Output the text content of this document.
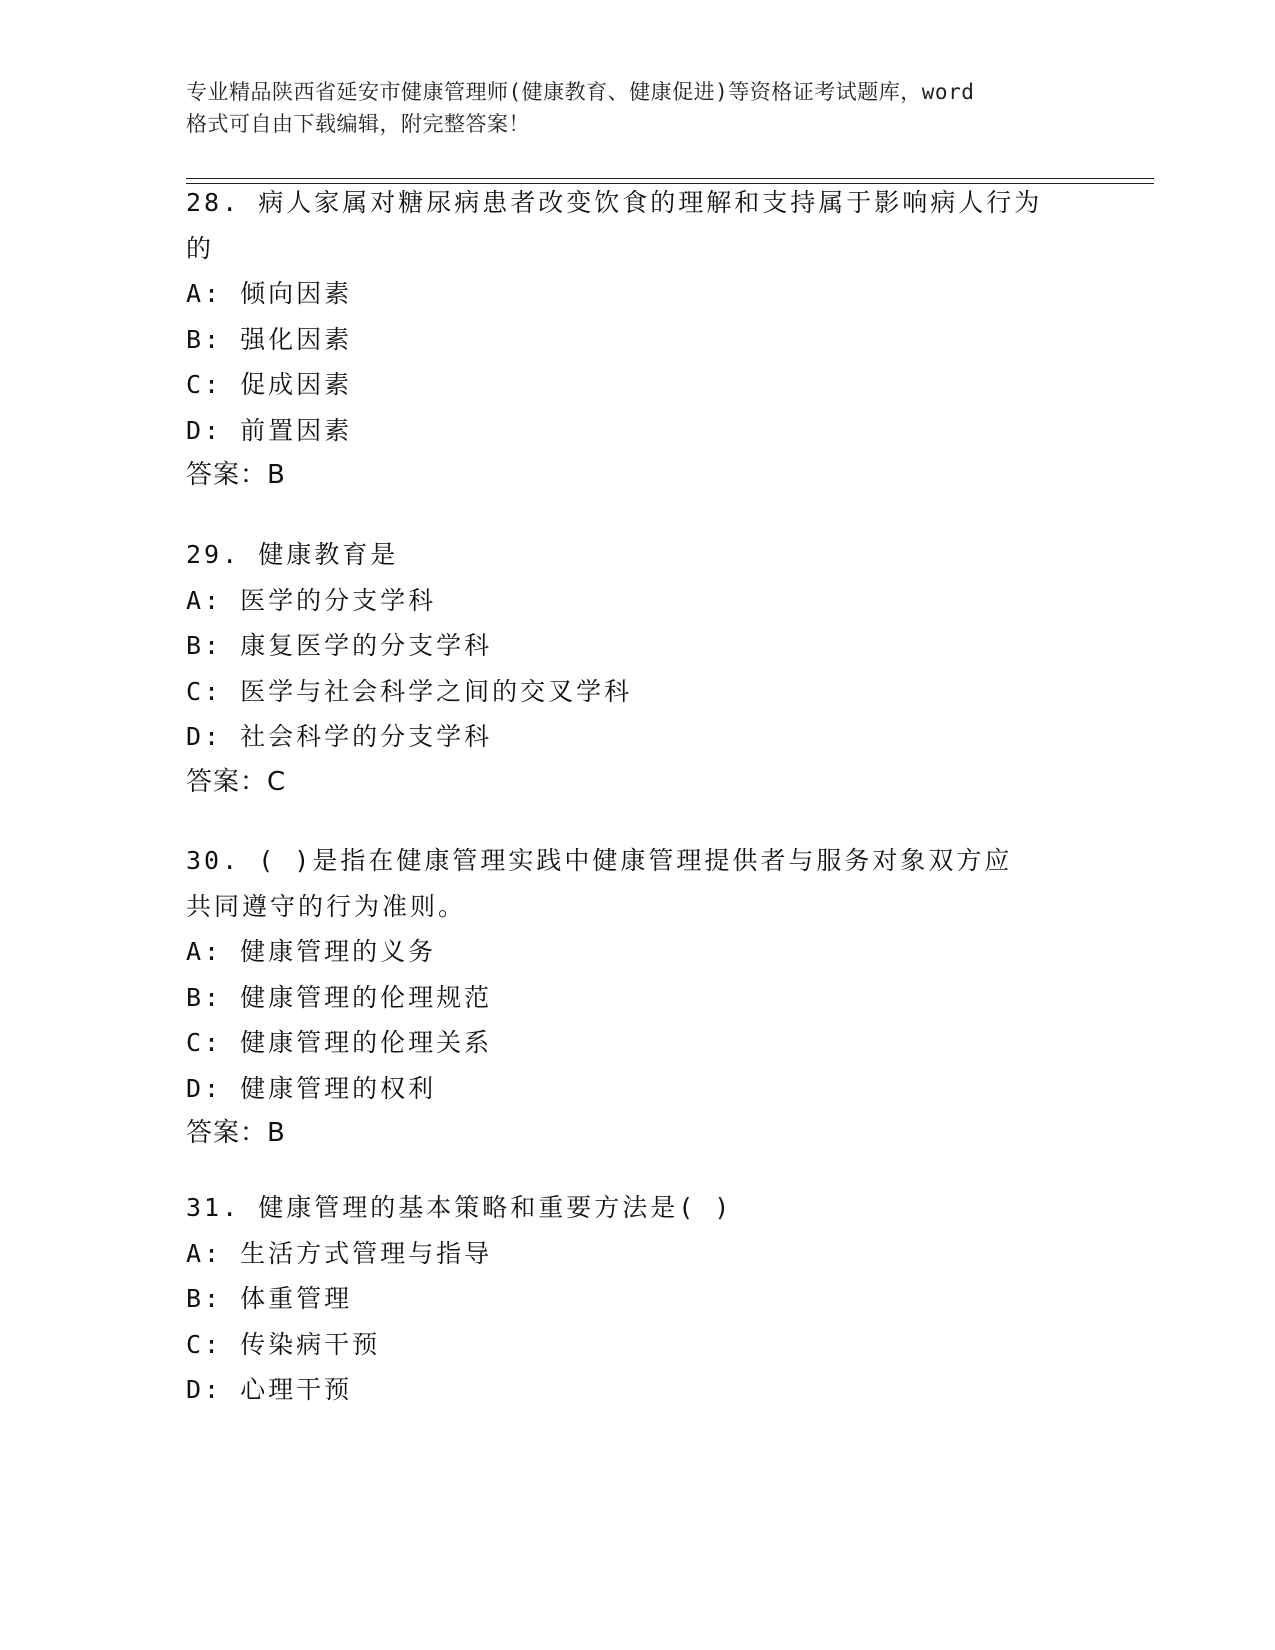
专业精品陕西省延安市健康管理师(健康教育、健康促进)等资格证考试题库，word
格式可自由下载编辑，附完整答案！
28. 病人家属对糖尿病患者改变饮食的理解和支持属于影响病人行为
的
A: 倾向因素
B: 强化因素
C: 促成因素
D: 前置因素
答案：B
29. 健康教育是
A: 医学的分支学科
B: 康复医学的分支学科
C: 医学与社会科学之间的交叉学科
D: 社会科学的分支学科
答案：C
30. ( )是指在健康管理实践中健康管理提供者与服务对象双方应
共同遵守的行为准则。
A: 健康管理的义务
B: 健康管理的伦理规范
C: 健康管理的伦理关系
D: 健康管理的权利
答案：B
31. 健康管理的基本策略和重要方法是( )
A: 生活方式管理与指导
B: 体重管理
C: 传染病干预
D: 心理干预
